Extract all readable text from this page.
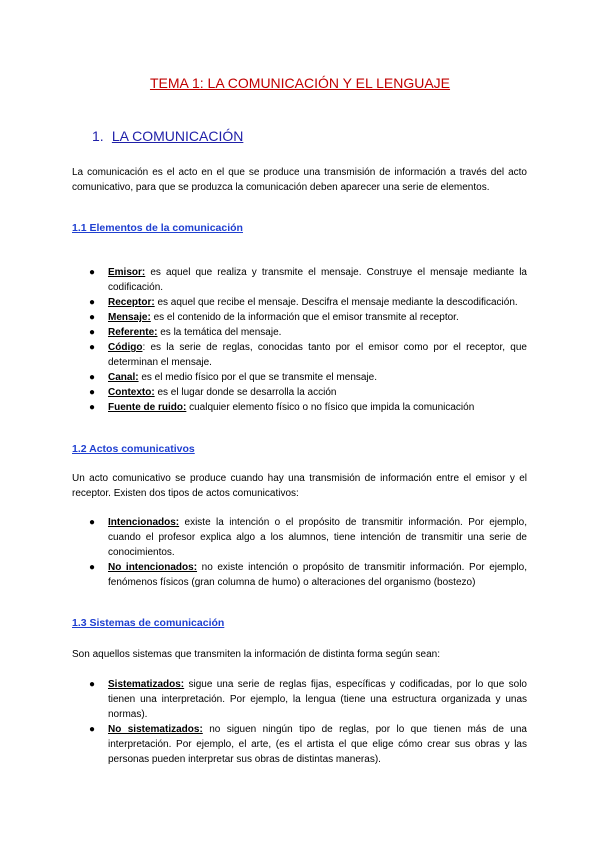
TEMA 1: LA COMUNICACIÓN Y EL LENGUAJE
1. LA COMUNICACIÓN
La comunicación es el acto en el que se produce una transmisión de información a través del acto comunicativo, para que se produzca la comunicación deben aparecer una serie de elementos.
1.1 Elementos de la comunicación
● Emisor: es aquel que realiza y transmite el mensaje. Construye el mensaje mediante la codificación.
● Receptor: es aquel que recibe el mensaje. Descifra el mensaje mediante la descodificación.
● Mensaje: es el contenido de la información que el emisor transmite al receptor.
● Referente: es la temática del mensaje.
● Código: es la serie de reglas, conocidas tanto por el emisor como por el receptor, que determinan el mensaje.
● Canal: es el medio físico por el que se transmite el mensaje.
● Contexto: es el lugar donde se desarrolla la acción
● Fuente de ruido: cualquier elemento físico o no físico que impida la comunicación
1.2 Actos comunicativos
Un acto comunicativo se produce cuando hay una transmisión de información entre el emisor y el receptor. Existen dos tipos de actos comunicativos:
● Intencionados: existe la intención o el propósito de transmitir información. Por ejemplo, cuando el profesor explica algo a los alumnos, tiene intención de transmitir una serie de conocimientos.
● No intencionados: no existe intención o propósito de transmitir información. Por ejemplo, fenómenos físicos (gran columna de humo) o alteraciones del organismo (bostezo)
1.3 Sistemas de comunicación
Son aquellos sistemas que transmiten la información de distinta forma según sean:
● Sistematizados: sigue una serie de reglas fijas, específicas y codificadas, por lo que solo tienen una interpretación. Por ejemplo, la lengua (tiene una estructura organizada y unas normas).
● No sistematizados: no siguen ningún tipo de reglas, por lo que tienen más de una interpretación. Por ejemplo, el arte, (es el artista el que elige cómo crear sus obras y las personas pueden interpretar sus obras de distintas maneras).
